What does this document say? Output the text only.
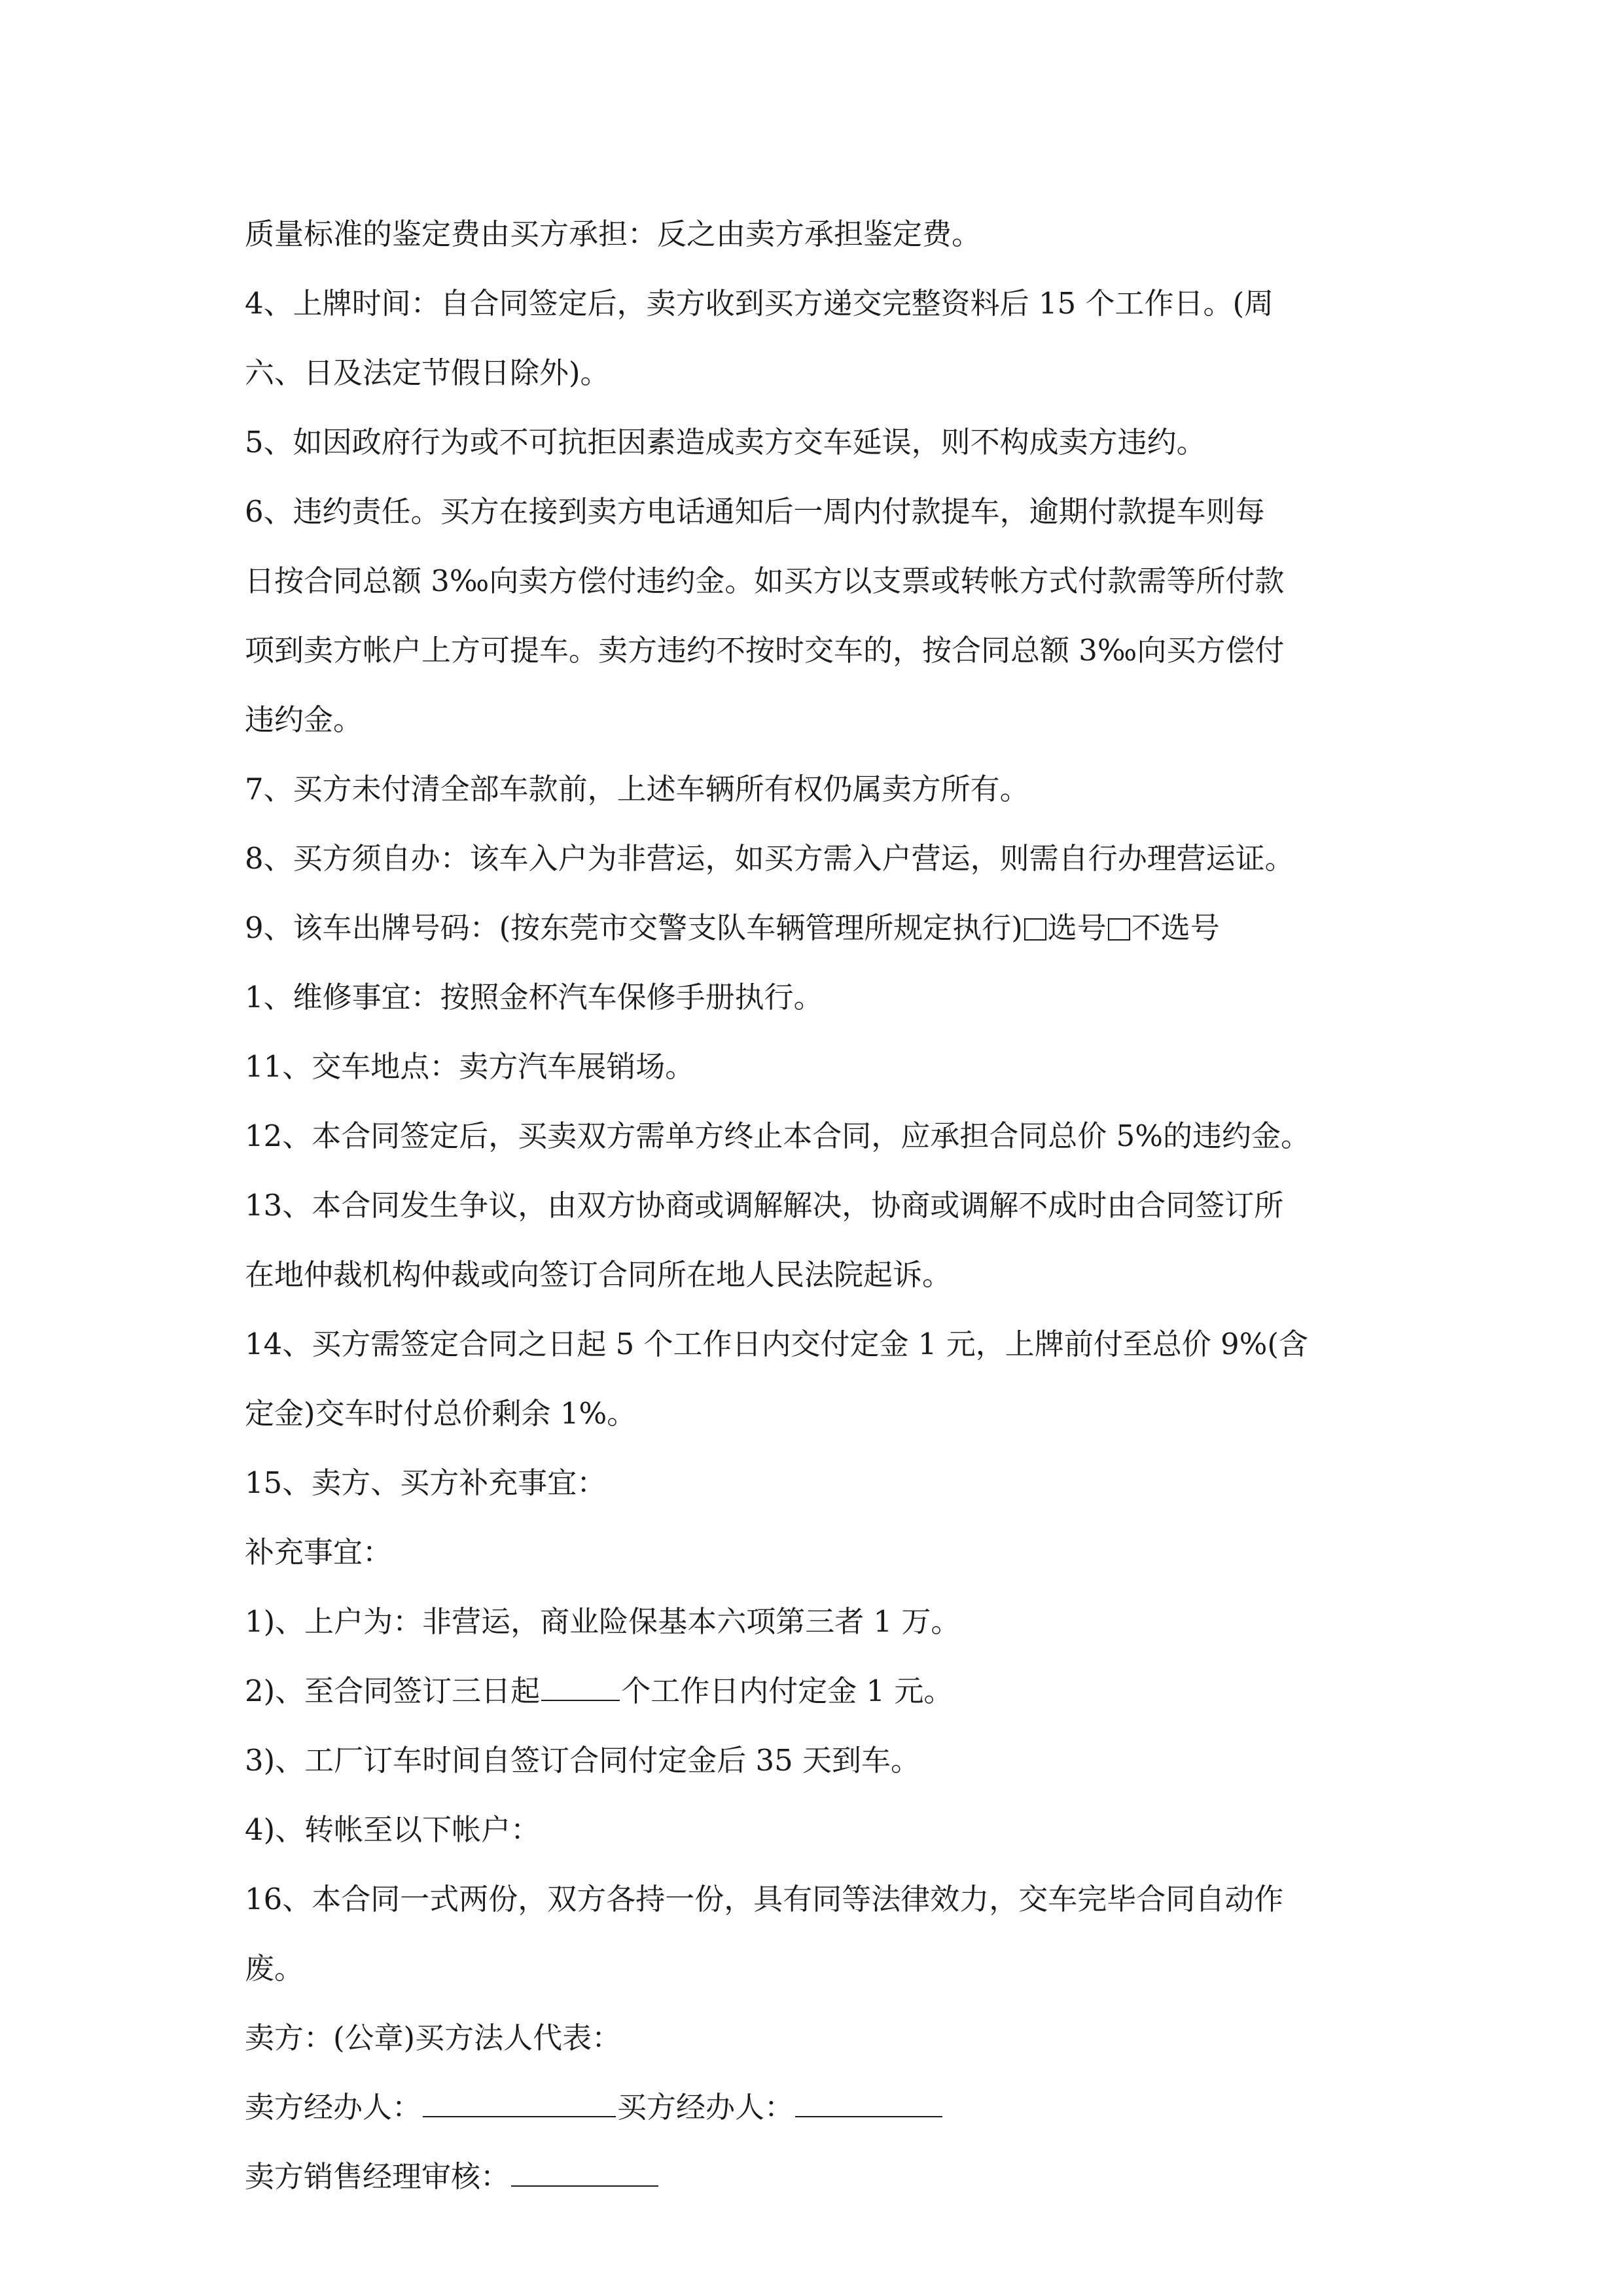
质量标准的鉴定费由买方承担：反之由卖方承担鉴定费。
4、上牌时间：自合同签定后，卖方收到买方递交完整资料后 15 个工作日。(周
六、日及法定节假日除外)。
5、如因政府行为或不可抗拒因素造成卖方交车延误，则不构成卖方违约。
6、违约责任。买方在接到卖方电话通知后一周内付款提车，逾期付款提车则每
日按合同总额 3‰向卖方偿付违约金。如买方以支票或转帐方式付款需等所付款
项到卖方帐户上方可提车。卖方违约不按时交车的，按合同总额 3‰向买方偿付
违约金。
7、买方未付清全部车款前，上述车辆所有权仍属卖方所有。
8、买方须自办：该车入户为非营运，如买方需入户营运，则需自行办理营运证。
9、该车出牌号码：(按东莞市交警支队车辆管理所规定执行) 选号 不选号
1、维修事宜：按照金杯汽车保修手册执行。
11、交车地点：卖方汽车展销场。
12、本合同签定后，买卖双方需单方终止本合同，应承担合同总价 5%的违约金。
13、本合同发生争议，由双方协商或调解解决，协商或调解不成时由合同签订所
在地仲裁机构仲裁或向签订合同所在地人民法院起诉。
14、买方需签定合同之日起 5 个工作日内交付定金 1 元，上牌前付至总价 9%(含
定金)交车时付总价剩余 1%。
15、卖方、买方补充事宜：
补充事宜：
1)、上户为：非营运，商业险保基本六项第三者 1 万。
2)、至合同签订三日起	个工作日内付定金 1 元。
3)、工厂订车时间自签订合同付定金后 35 天到车。
4)、转帐至以下帐户：
16、本合同一式两份，双方各持一份，具有同等法律效力，交车完毕合同自动作
废。
卖方：(公章)买方法人代表：
卖方经办人：	买方经办人：
卖方销售经理审核：
